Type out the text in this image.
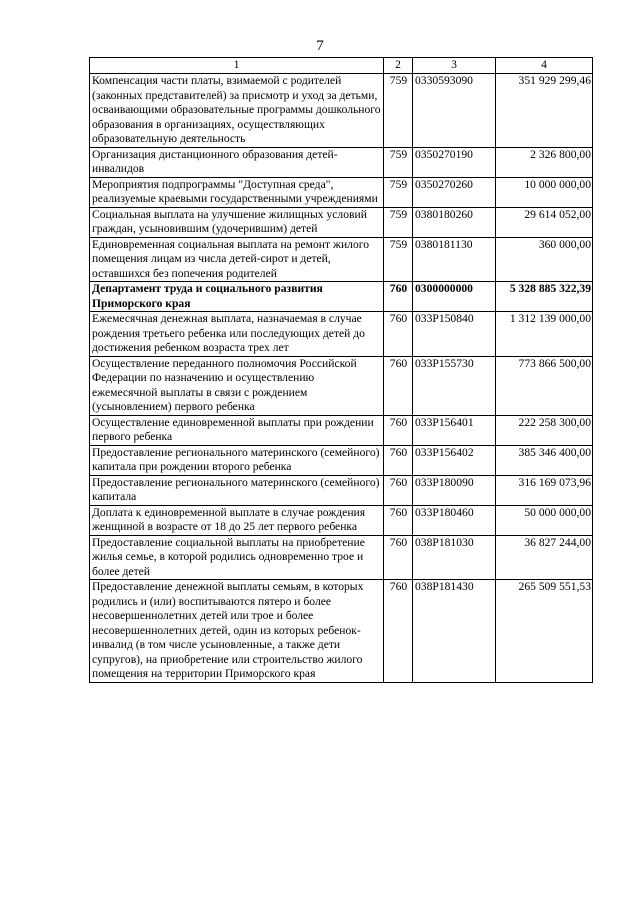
7
1	2	3	4
Компенсация части платы, взимаемой с родителей (законных представителей) за присмотр и уход за детьми, осваивающими образовательные программы дошкольного образования в организациях, осуществляющих образовательную деятельность	759	0330593090	351 929 299,46
Организация дистанционного образования детей-инвалидов	759	0350270190	2 326 800,00
Мероприятия подпрограммы "Доступная среда", реализуемые краевыми государственными учреждениями	759	0350270260	10 000 000,00
Социальная выплата на улучшение жилищных условий граждан, усыновившим (удочерившим) детей	759	0380180260	29 614 052,00
Единовременная социальная выплата на ремонт жилого помещения лицам из числа детей-сирот и детей, оставшихся без попечения родителей	759	0380181130	360 000,00
Департамент труда и социального развития Приморского края	760	0300000000	5 328 885 322,39
Ежемесячная денежная выплата, назначаемая в случае рождения третьего ребенка или последующих детей до достижения ребенком возраста трех лет	760	033Р150840	1 312 139 000,00
Осуществление переданного полномочия Российской Федерации по назначению и осуществлению ежемесячной выплаты в связи с рождением (усыновлением) первого ребенка	760	033Р155730	773 866 500,00
Осуществление единовременной выплаты при рождении первого ребенка	760	033Р156401	222 258 300,00
Предоставление регионального материнского (семейного) капитала при рождении второго ребенка	760	033Р156402	385 346 400,00
Предоставление регионального материнского (семейного) капитала	760	033Р180090	316 169 073,96
Доплата к единовременной выплате в случае рождения женщиной в возрасте от 18 до 25 лет первого ребенка	760	033Р180460	50 000 000,00
Предоставление социальной выплаты на приобретение жилья семье, в которой родились одновременно трое и более детей	760	038Р181030	36 827 244,00
Предоставление денежной выплаты семьям, в которых родились и (или) воспитываются пятеро и более несовершеннолетних детей или трое и более несовершеннолетних детей, один из которых ребенок-инвалид (в том числе усыновленные, а также дети супругов), на приобретение или строительство жилого помещения на территории Приморского края	760	038Р181430	265 509 551,53
